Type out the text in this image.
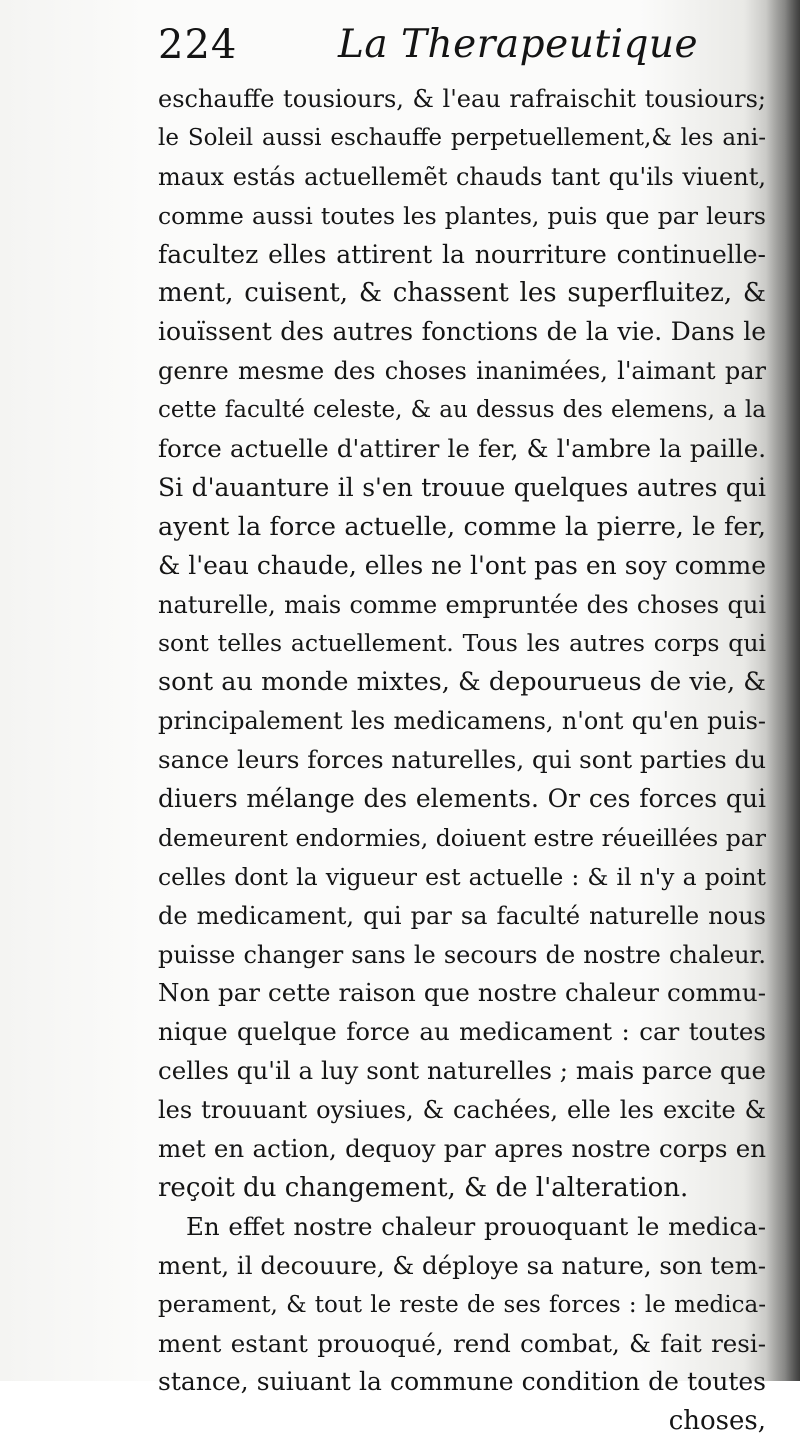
224	La Therapeutique
eschauffe tousiours, & l'eau rafraischit tousiours;
le Soleil aussi eschauffe perpetuellement,& les ani-
maux estás actuellemẽt chauds tant qu'ils viuent,
comme aussi toutes les plantes, puis que par leurs
facultez elles attirent la nourriture continuelle-
ment, cuisent, & chassent les superfluitez, &
iouïssent des autres fonctions de la vie. Dans le
genre mesme des choses inanimées, l'aimant par
cette faculté celeste, & au dessus des elemens, a la
force actuelle d'attirer le fer, & l'ambre la paille.
Si d'auanture il s'en trouue quelques autres qui
ayent la force actuelle, comme la pierre, le fer,
& l'eau chaude, elles ne l'ont pas en soy comme
naturelle, mais comme empruntée des choses qui
sont telles actuellement. Tous les autres corps qui
sont au monde mixtes, & depourueus de vie, &
principalement les medicamens, n'ont qu'en puis-
sance leurs forces naturelles, qui sont parties du
diuers mélange des elements. Or ces forces qui
demeurent endormies, doiuent estre réueillées par
celles dont la vigueur est actuelle : & il n'y a point
de medicament, qui par sa faculté naturelle nous
puisse changer sans le secours de nostre chaleur.
Non par cette raison que nostre chaleur commu-
nique quelque force au medicament : car toutes
celles qu'il a luy sont naturelles ; mais parce que
les trouuant oysiues, & cachées, elle les excite &
met en action, dequoy par apres nostre corps en
reçoit du changement, & de l'alteration.
En effet nostre chaleur prouoquant le medica-
ment, il decouure, & déploye sa nature, son tem-
perament, & tout le reste de ses forces : le medica-
ment estant prouoqué, rend combat, & fait resi-
stance, suiuant la commune condition de toutes
choses,
